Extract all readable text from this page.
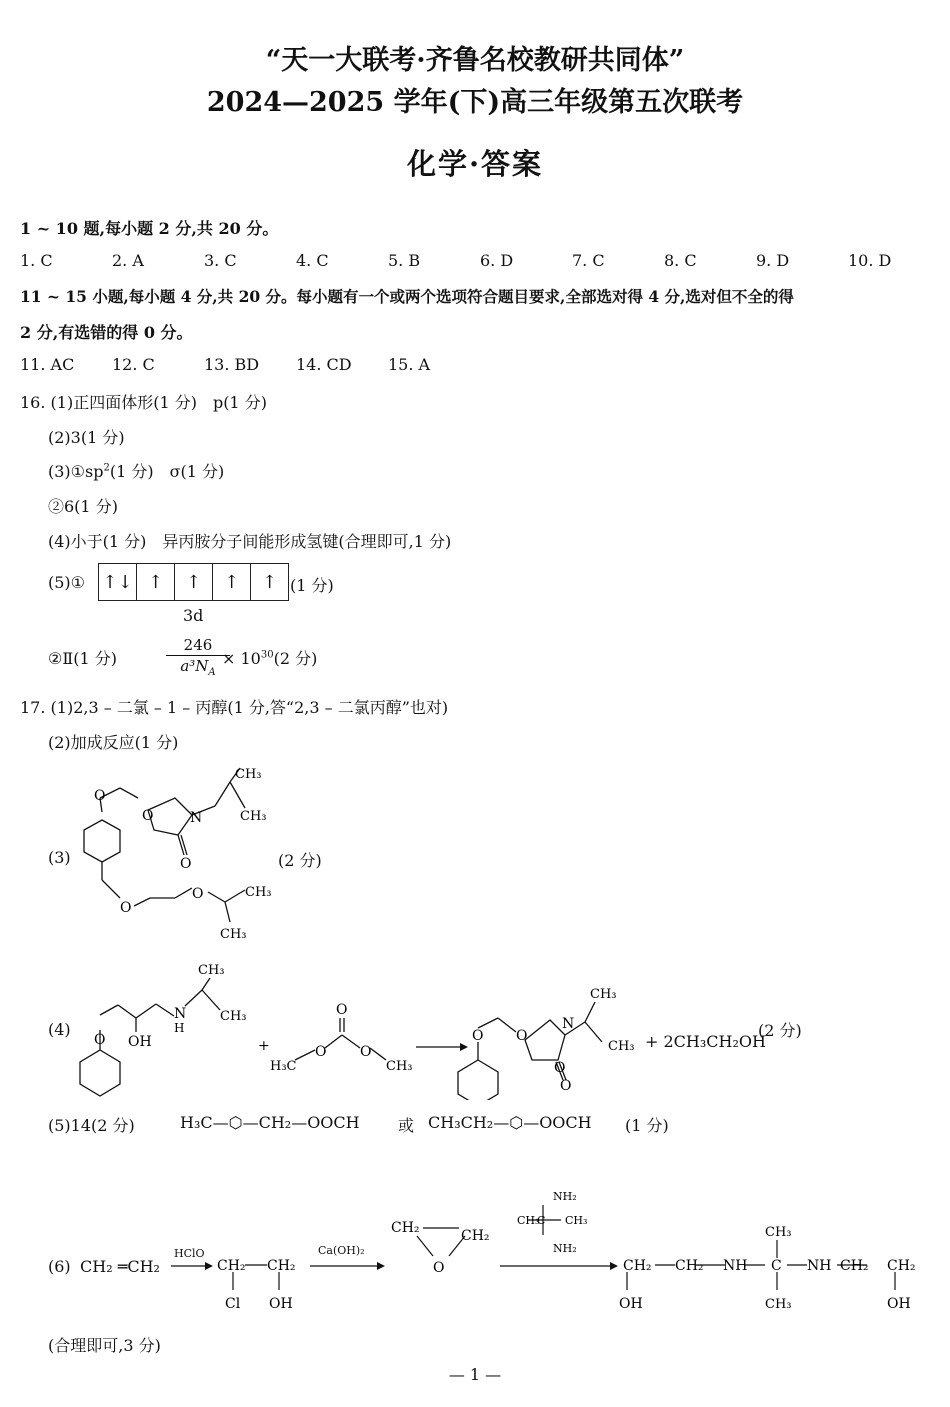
“天一大联考·齐鲁名校教研共同体”
2024—2025 学年(下)高三年级第五次联考
化学·答案
1 ~ 10 题,每小题 2 分,共 20 分。
1. C	2. A	3. C	4. C	5. B	6. D	7. C	8. C	9. D	10. D
11 ~ 15 小题,每小题 4 分,共 20 分。每小题有一个或两个选项符合题目要求,全部选对得 4 分,选对但不全的得
2 分,有选错的得 0 分。
11. AC	12. C	13. BD	14. CD	15. A
16. (1)正四面体形(1 分)　p(1 分)
(2)3(1 分)
$(3)①sp^2(1$ 分)　σ(1 分)
②6(1 分)
(4)小于(1 分)　异丙胺分子间能形成氢键(合理即可,1 分)
(5)① ↑↓ ↑	↑	↑	↑ (1 分)
3d
②Ⅱ(1 分)
246
$a^3N_A$
× $10^{30}(2$ 分)
17. (1)2,3 – 二氯 – 1 – 丙醇(1 分,答“2,3 – 二氯丙醇”也对)
(2)加成反应(1 分)
(3)
O
N
O
O
CH₃
CH₃
O
O	CH₃
CH₃
(2 分)
(4)
O OH
N
H
CH₃
CH₃
+
H₃C
O
O
O
CH₃
O O
N
O
O
CH₃
CH₃ + 2CH₃CH₂OH
(2 分)
(5)14(2 分)	H₃C—⬡—CH₂—OOCH 或 CH₃CH₂—⬡—OOCH (1 分)
(6) CH₂ ═CH₂
HClO	Ca(OH)₂
CH₂ CH₂
Cl OH
CH₂	CH₂
O
NH₂
CH₃
C CH₃
NH₂
CH₂ CH₂ NH C
CH₃
CH₃
NH CH₂ CH₂
OH	OH
(合理即可,3 分)
— 1 —
